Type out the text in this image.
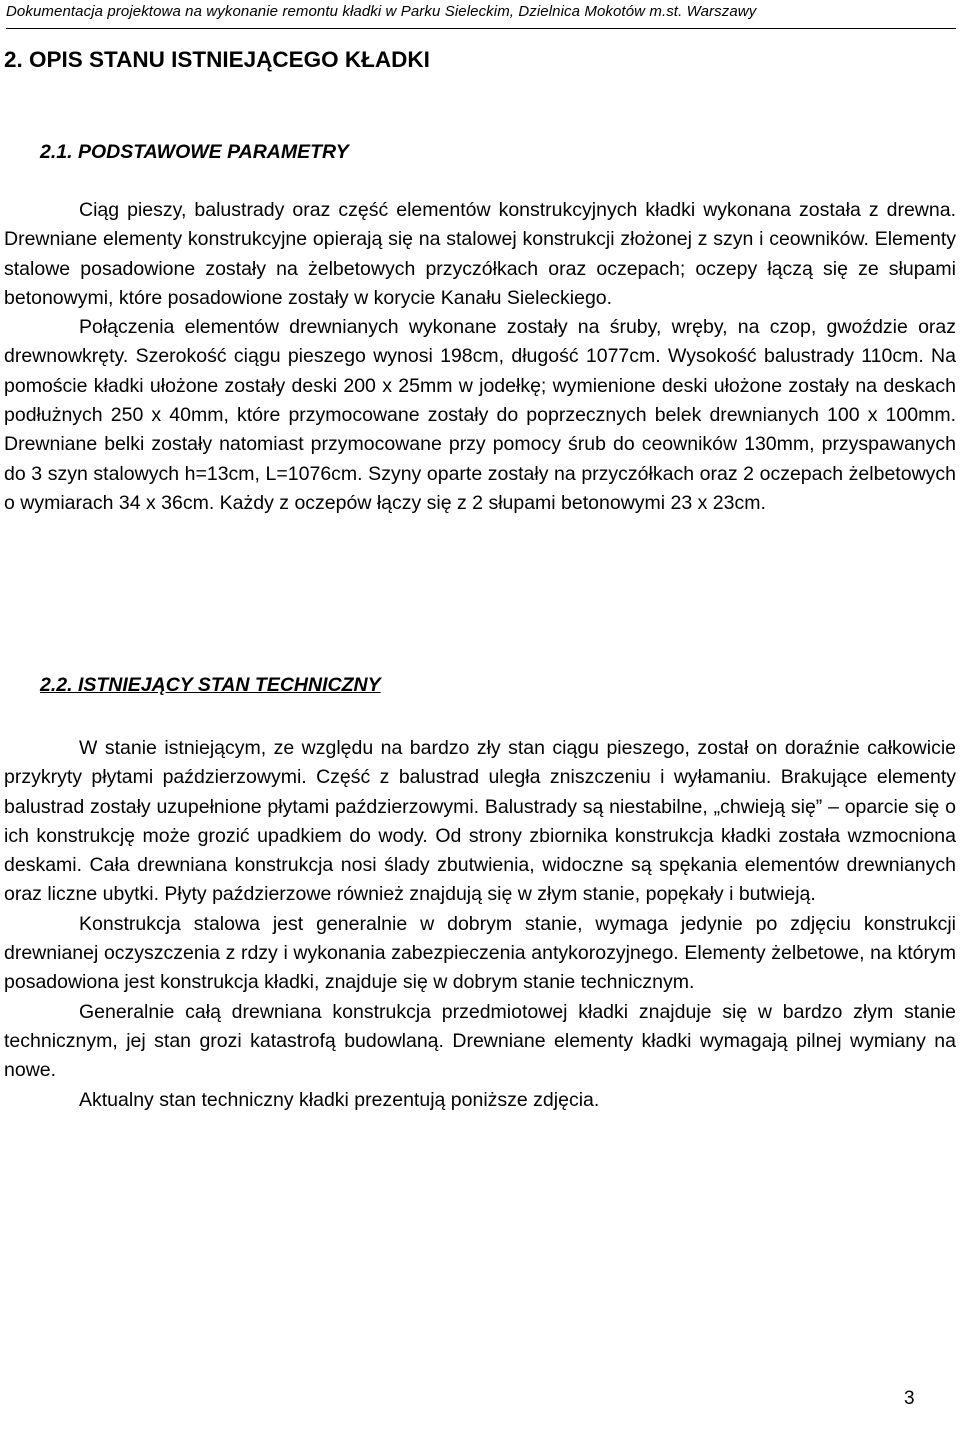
Dokumentacja projektowa na wykonanie remontu kładki w Parku Sieleckim, Dzielnica Mokotów m.st. Warszawy
2. OPIS STANU ISTNIEJĄCEGO KŁADKI
2.1. PODSTAWOWE PARAMETRY

Ciąg pieszy, balustrady oraz część elementów konstrukcyjnych kładki wykonana została z drewna. Drewniane elementy konstrukcyjne opierają się na stalowej konstrukcji złożonej z szyn i ceowników. Elementy stalowe posadowione zostały na żelbetowych przyczółkach oraz oczepach; oczepy łączą się ze słupami betonowymi, które posadowione zostały w korycie Kanału Sieleckiego.

Połączenia elementów drewnianych wykonane zostały na śruby, wręby, na czop, gwoździe oraz drewnowkręty. Szerokość ciągu pieszego wynosi 198cm, długość 1077cm. Wysokość balustrady 110cm. Na pomoście kładki ułożone zostały deski 200 x 25mm w jodełkę; wymienione deski ułożone zostały na deskach podłużnych 250 x 40mm, które przymocowane zostały do poprzecznych belek drewnianych 100 x 100mm. Drewniane belki zostały natomiast przymocowane przy pomocy śrub do ceowników 130mm, przyspawanych do 3 szyn stalowych h=13cm, L=1076cm. Szyny oparte zostały na przyczółkach oraz 2 oczepach żelbetowych o wymiarach 34 x 36cm. Każdy z oczepów łączy się z 2 słupami betonowymi 23 x 23cm.

2.2. ISTNIEJĄCY STAN TECHNICZNY

W stanie istniejącym, ze względu na bardzo zły stan ciągu pieszego, został on doraźnie całkowicie przykryty płytami paździerzowymi. Część z balustrad uległa zniszczeniu i wyłamaniu. Brakujące elementy balustrad zostały uzupełnione płytami paździerzowymi. Balustrady są niestabilne, „chwieją się” – oparcie się o ich konstrukcję może grozić upadkiem do wody. Od strony zbiornika konstrukcja kładki została wzmocniona deskami. Cała drewniana konstrukcja nosi ślady zbutwienia, widoczne są spękania elementów drewnianych oraz liczne ubytki. Płyty paździerzowe również znajdują się w złym stanie, popękały i butwieją.

Konstrukcja stalowa jest generalnie w dobrym stanie, wymaga jedynie po zdjęciu konstrukcji drewnianej oczyszczenia z rdzy i wykonania zabezpieczenia antykorozyjnego. Elementy żelbetowe, na którym posadowiona jest konstrukcja kładki, znajduje się w dobrym stanie technicznym.

Generalnie całą drewniana konstrukcja przedmiotowej kładki znajduje się w bardzo złym stanie technicznym, jej stan grozi katastrofą budowlaną. Drewniane elementy kładki wymagają pilnej wymiany na nowe.

Aktualny stan techniczny kładki prezentują poniższe zdjęcia.

3
